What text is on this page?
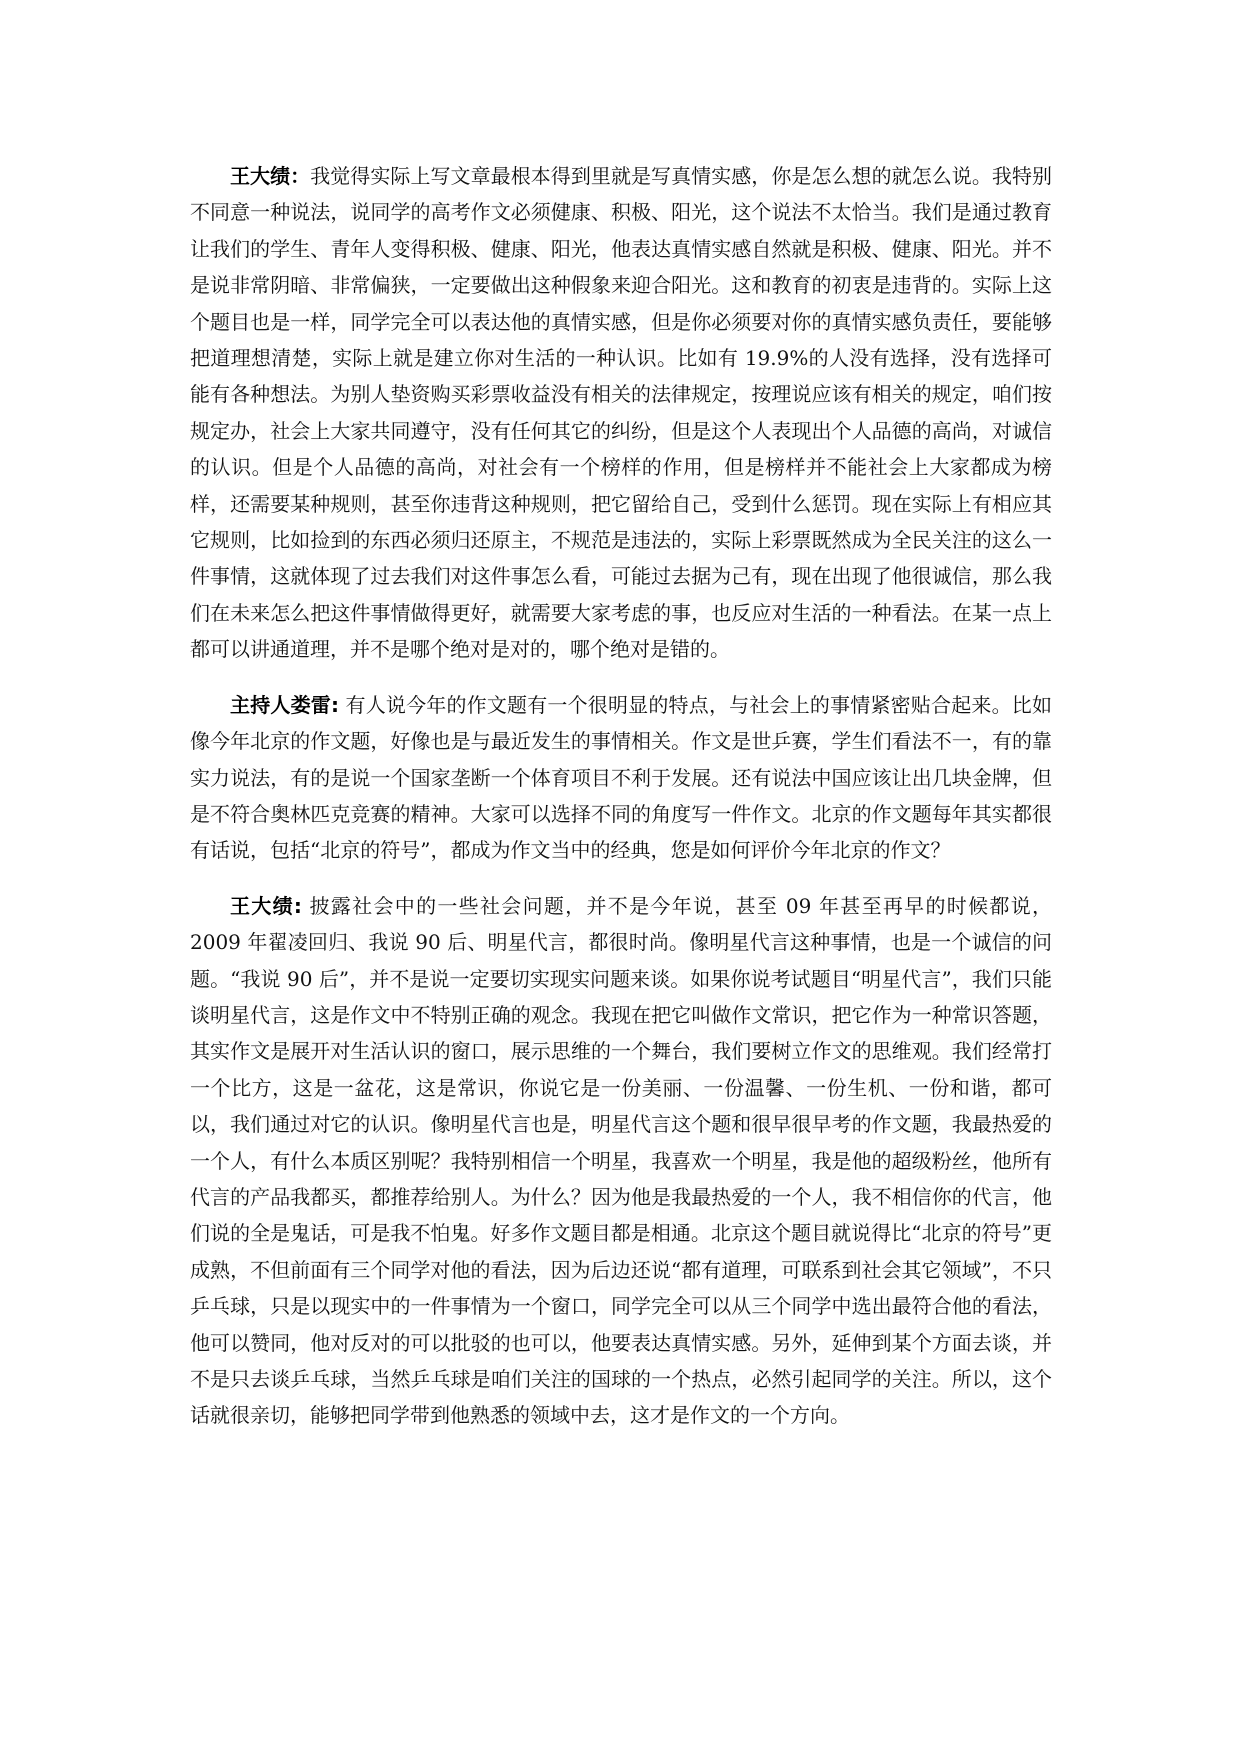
王大绩：我觉得实际上写文章最根本得到里就是写真情实感，你是怎么想的就怎么说。我特别不同意一种说法，说同学的高考作文必须健康、积极、阳光，这个说法不太恰当。我们是通过教育让我们的学生、青年人变得积极、健康、阳光，他表达真情实感自然就是积极、健康、阳光。并不是说非常阴暗、非常偏狭，一定要做出这种假象来迎合阳光。这和教育的初衷是违背的。实际上这个题目也是一样，同学完全可以表达他的真情实感，但是你必须要对你的真情实感负责任，要能够把道理想清楚，实际上就是建立你对生活的一种认识。比如有 19.9%的人没有选择，没有选择可能有各种想法。为别人垫资购买彩票收益没有相关的法律规定，按理说应该有相关的规定，咱们按规定办，社会上大家共同遵守，没有任何其它的纠纷，但是这个人表现出个人品德的高尚，对诚信的认识。但是个人品德的高尚，对社会有一个榜样的作用，但是榜样并不能社会上大家都成为榜样，还需要某种规则，甚至你违背这种规则，把它留给自己，受到什么惩罚。现在实际上有相应其它规则，比如捡到的东西必须归还原主，不规范是违法的，实际上彩票既然成为全民关注的这么一件事情，这就体现了过去我们对这件事怎么看，可能过去据为己有，现在出现了他很诚信，那么我们在未来怎么把这件事情做得更好，就需要大家考虑的事，也反应对生活的一种看法。在某一点上都可以讲通道理，并不是哪个绝对是对的，哪个绝对是错的。

主持人娄雷: 有人说今年的作文题有一个很明显的特点，与社会上的事情紧密贴合起来。比如像今年北京的作文题，好像也是与最近发生的事情相关。作文是世乒赛，学生们看法不一，有的靠实力说法，有的是说一个国家垄断一个体育项目不利于发展。还有说法中国应该让出几块金牌，但是不符合奥林匹克竞赛的精神。大家可以选择不同的角度写一件作文。北京的作文题每年其实都很有话说，包括“北京的符号”，都成为作文当中的经典，您是如何评价今年北京的作文？

王大绩: 披露社会中的一些社会问题，并不是今年说，甚至 09 年甚至再早的时候都说，2009 年翟凌回归、我说 90 后、明星代言，都很时尚。像明星代言这种事情，也是一个诚信的问题。“我说 90 后”，并不是说一定要切实现实问题来谈。如果你说考试题目“明星代言”，我们只能谈明星代言，这是作文中不特别正确的观念。我现在把它叫做作文常识，把它作为一种常识答题，其实作文是展开对生活认识的窗口，展示思维的一个舞台，我们要树立作文的思维观。我们经常打一个比方，这是一盆花，这是常识，你说它是一份美丽、一份温馨、一份生机、一份和谐，都可以，我们通过对它的认识。像明星代言也是，明星代言这个题和很早很早考的作文题，我最热爱的一个人，有什么本质区别呢？我特别相信一个明星，我喜欢一个明星，我是他的超级粉丝，他所有代言的产品我都买，都推荐给别人。为什么？因为他是我最热爱的一个人，我不相信你的代言，他们说的全是鬼话，可是我不怕鬼。好多作文题目都是相通。北京这个题目就说得比“北京的符号”更成熟，不但前面有三个同学对他的看法，因为后边还说“都有道理，可联系到社会其它领域”，不只乒乓球，只是以现实中的一件事情为一个窗口，同学完全可以从三个同学中选出最符合他的看法，他可以赞同，他对反对的可以批驳的也可以，他要表达真情实感。另外，延伸到某个方面去谈，并不是只去谈乒乓球，当然乒乓球是咱们关注的国球的一个热点，必然引起同学的关注。所以，这个话就很亲切，能够把同学带到他熟悉的领域中去，这才是作文的一个方向。
